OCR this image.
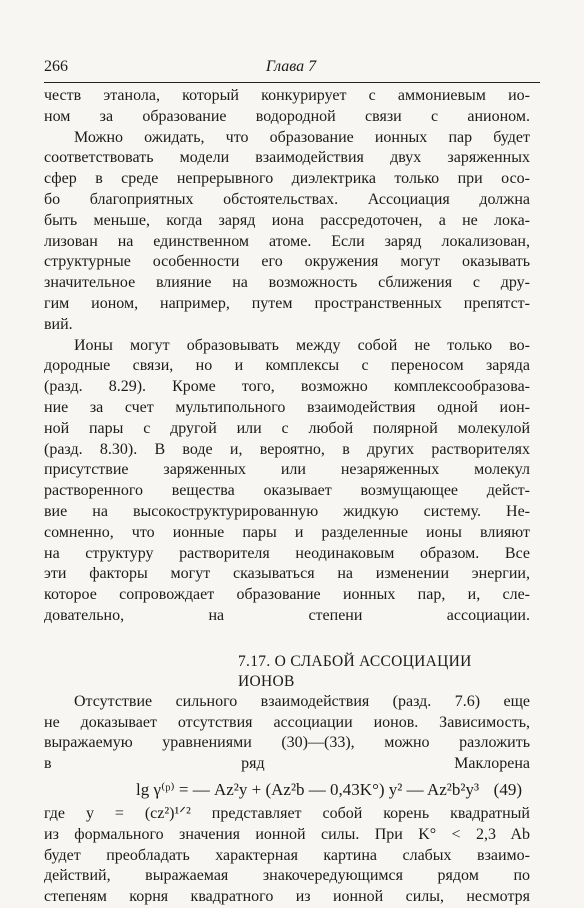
266	Глава 7

честв этанола, который конкурирует с аммониевым ио-
ном за образование водородной связи с анионом.

Можно ожидать, что образование ионных пар будет
соответствовать модели взаимодействия двух заряженных
сфер в среде непрерывного диэлектрика только при осо-
бо благоприятных обстоятельствах. Ассоциация должна
быть меньше, когда заряд иона рассредоточен, а не лока-
лизован на единственном атоме. Если заряд локализован,
структурные особенности его окружения могут оказывать
значительное влияние на возможность сближения с дру-
гим ионом, например, путем пространственных препятст-
вий.

Ионы могут образовывать между собой не только во-
дородные связи, но и комплексы с переносом заряда
(разд. 8.29). Кроме того, возможно комплексообразова-
ние за счет мультипольного взаимодействия одной ион-
ной пары с другой или с любой полярной молекулой
(разд. 8.30). В воде и, вероятно, в других растворителях
присутствие заряженных или незаряженных молекул
растворенного вещества оказывает возмущающее дейст-
вие на высокоструктурированную жидкую систему. Не-
сомненно, что ионные пары и разделенные ионы влияют
на структуру растворителя неодинаковым образом. Все
эти факторы могут сказываться на изменении энергии,
которое сопровождает образование ионных пар, и, сле-
довательно, на степени ассоциации.

7.17. О СЛАБОЙ АССОЦИАЦИИ
ИОНОВ

Отсутствие сильного взаимодействия (разд. 7.6) еще
не доказывает отсутствия ассоциации ионов. Зависимость,
выражаемую уравнениями (30)—(33), можно разложить
в ряд Маклорена

lg γ⁽ᵖ⁾ = — Az²y + (Az²b — 0,43K°) y² — Az²b²y³ (49)

где y = (cz²)¹ᐟ² представляет собой корень квадратный
из формального значения ионной силы. При K° < 2,3 Ab
будет преобладать характерная картина слабых взаимо-
действий, выражаемая знакочередующимся рядом по
степеням корня квадратного из ионной силы, несмотря
